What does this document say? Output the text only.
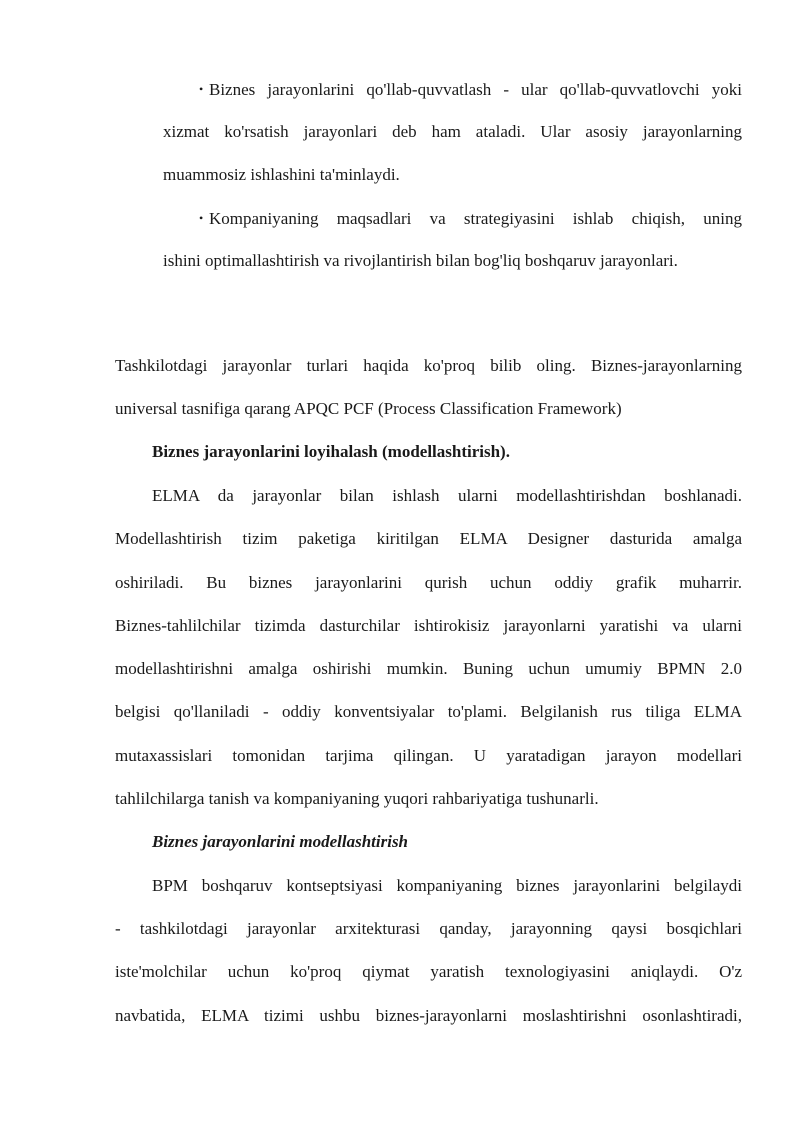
• Biznes jarayonlarini qo'llab-quvvatlash - ular qo'llab-quvvatlovchi yoki
xizmat ko'rsatish jarayonlari deb ham ataladi. Ular asosiy jarayonlarning
muammosiz ishlashini ta'minlaydi.
• Kompaniyaning maqsadlari va strategiyasini ishlab chiqish, uning
ishini optimallashtirish va rivojlantirish bilan bog'liq boshqaruv jarayonlari.
Tashkilotdagi jarayonlar turlari haqida ko'proq bilib oling. Biznes-jarayonlarning
universal tasnifiga qarang APQC PCF (Process Classification Framework)
Biznes jarayonlarini loyihalash (modellashtirish).
ELMA da jarayonlar bilan ishlash ularni modellashtirishdan boshlanadi.
Modellashtirish tizim paketiga kiritilgan ELMA Designer dasturida amalga
oshiriladi. Bu biznes jarayonlarini qurish uchun oddiy grafik muharrir.
Biznes-tahlilchilar tizimda dasturchilar ishtirokisiz jarayonlarni yaratishi va ularni
modellashtirishni amalga oshirishi mumkin. Buning uchun umumiy BPMN 2.0
belgisi qo'llaniladi - oddiy konventsiyalar to'plami. Belgilanish rus tiliga ELMA
mutaxassislari tomonidan tarjima qilingan. U yaratadigan jarayon modellari
tahlilchilarga tanish va kompaniyaning yuqori rahbariyatiga tushunarli.
Biznes jarayonlarini modellashtirish
BPM boshqaruv kontseptsiyasi kompaniyaning biznes jarayonlarini belgilaydi
- tashkilotdagi jarayonlar arxitekturasi qanday, jarayonning qaysi bosqichlari
iste'molchilar uchun ko'proq qiymat yaratish texnologiyasini aniqlaydi. O'z
navbatida, ELMA tizimi ushbu biznes-jarayonlarni moslashtirishni osonlashtiradi,
